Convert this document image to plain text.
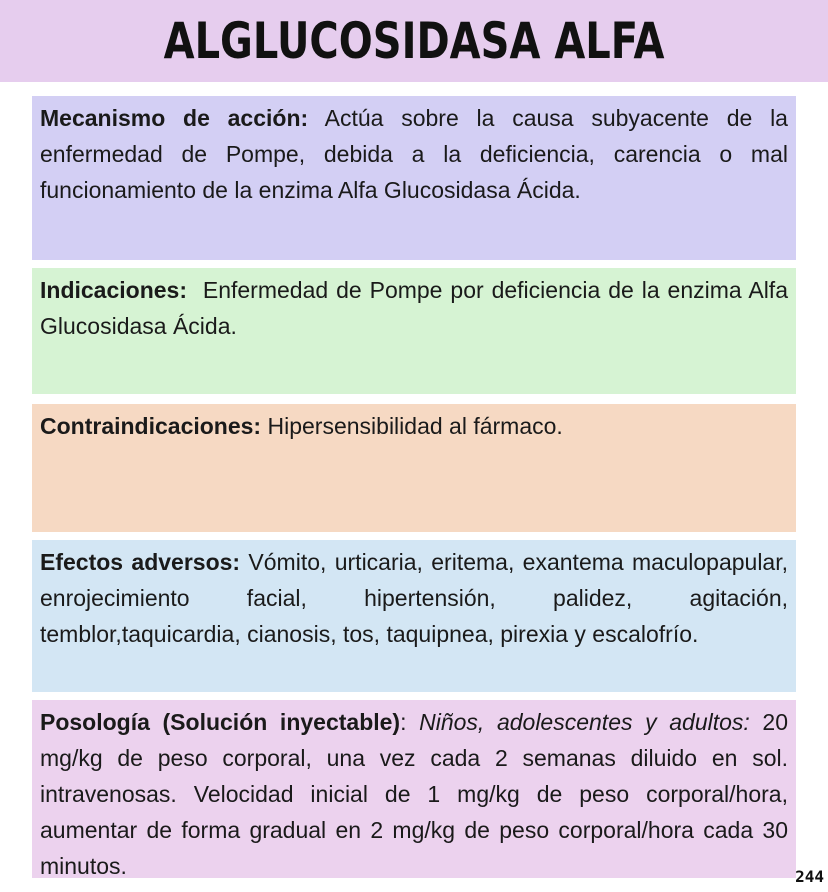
ALGLUCOSIDASA ALFA
Mecanismo de acción: Actúa sobre la causa subyacente de la enfermedad de Pompe, debida a la deficiencia, carencia o mal funcionamiento de la enzima Alfa Glucosidasa Ácida.
Indicaciones:  Enfermedad de Pompe por deficiencia de la enzima Alfa Glucosidasa Ácida.
Contraindicaciones: Hipersensibilidad al fármaco.
Efectos adversos: Vómito, urticaria, eritema, exantema maculopapular, enrojecimiento facial, hipertensión, palidez, agitación, temblor,taquicardia, cianosis, tos, taquipnea, pirexia y escalofrío.
Posología (Solución inyectable): Niños, adolescentes y adultos: 20 mg/kg de peso corporal, una vez cada 2 semanas diluido en sol. intravenosas. Velocidad inicial de 1 mg/kg de peso corporal/hora, aumentar de forma gradual en 2 mg/kg de peso corporal/hora cada 30 minutos.	244
